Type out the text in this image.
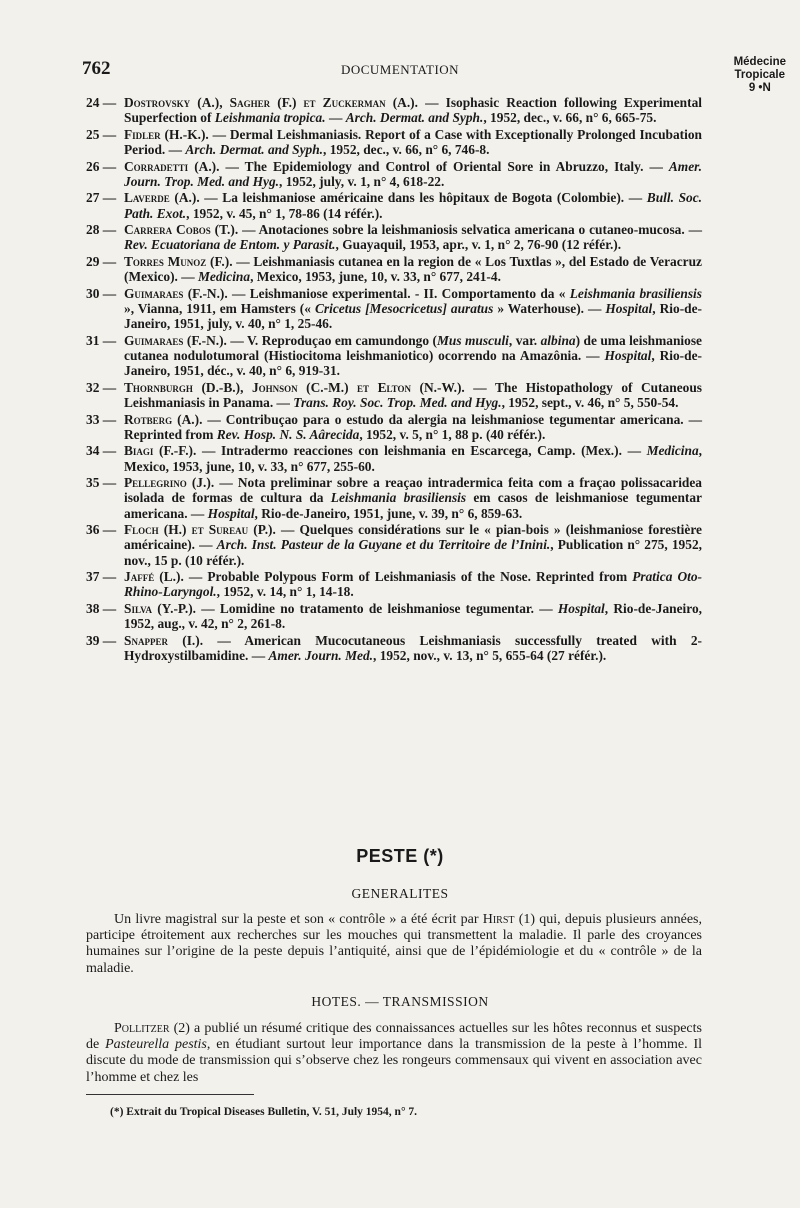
762	DOCUMENTATION	Médecine
Tropicale
9 •N
24 — Dostrovsky (A.), Sagher (F.) et Zuckerman (A.). — Isophasic Reaction following Experimental Superfection of Leishmania tropica. — Arch. Dermat. and Syph., 1952, dec., v. 66, n° 6, 665-75.
25 — Fidler (H.-K.). — Dermal Leishmaniasis. Report of a Case with Exceptionally Prolonged Incubation Period. — Arch. Dermat. and Syph., 1952, dec., v. 66, n° 6, 746-8.
26 — Corradetti (A.). — The Epidemiology and Control of Oriental Sore in Abruzzo, Italy. — Amer. Journ. Trop. Med. and Hyg., 1952, july, v. 1, n° 4, 618-22.
27 — Laverde (A.). — La leishmaniose américaine dans les hôpitaux de Bogota (Colombie). — Bull. Soc. Path. Exot., 1952, v. 45, n° 1, 78-86 (14 référ.).
28 — Carrera Cobos (T.). — Anotaciones sobre la leishmaniosis selvatica americana o cutaneo-mucosa. — Rev. Ecuatoriana de Entom. y Parasit., Guayaquil, 1953, apr., v. 1, n° 2, 76-90 (12 référ.).
29 — Torres Munoz (F.). — Leishmaniasis cutanea en la region de « Los Tuxtlas », del Estado de Veracruz (Mexico). — Medicina, Mexico, 1953, june, 10, v. 33, n° 677, 241-4.
30 — Guimaraes (F.-N.). — Leishmaniose experimental. - II. Comportamento da « Leishmania brasiliensis », Vianna, 1911, em Hamsters (« Cricetus [Mesocricetus] auratus » Waterhouse). — Hospital, Rio-de-Janeiro, 1951, july, v. 40, n° 1, 25-46.
31 — Guimaraes (F.-N.). — V. Reproduçao em camundongo (Mus musculi, var. albina) de uma leishmaniose cutanea nodulotumoral (Histiocitoma leishmaniotico) ocorrendo na Amazônia. — Hospital, Rio-de-Janeiro, 1951, déc., v. 40, n° 6, 919-31.
32 — Thornburgh (D.-B.), Johnson (C.-M.) et Elton (N.-W.). — The Histopathology of Cutaneous Leishmaniasis in Panama. — Trans. Roy. Soc. Trop. Med. and Hyg., 1952, sept., v. 46, n° 5, 550-54.
33 — Rotberg (A.). — Contribuçao para o estudo da alergia na leishmaniose tegumentar americana. — Reprinted from Rev. Hosp. N. S. Aârecida, 1952, v. 5, n° 1, 88 p. (40 référ.).
34 — Biagi (F.-F.). — Intradermo reacciones con leishmania en Escarcega, Camp. (Mex.). — Medicina, Mexico, 1953, june, 10, v. 33, n° 677, 255-60.
35 — Pellegrino (J.). — Nota preliminar sobre a reaçao intradermica feita com a fraçao polissacaridea isolada de formas de cultura da Leishmania brasiliensis em casos de leishmaniose tegumentar americana. — Hospital, Rio-de-Janeiro, 1951, june, v. 39, n° 6, 859-63.
36 — Floch (H.) et Sureau (P.). — Quelques considérations sur le « pian-bois » (leishmaniose forestière américaine). — Arch. Inst. Pasteur de la Guyane et du Territoire de l’Inini., Publication n° 275, 1952, nov., 15 p. (10 référ.).
37 — Jaffé (L.). — Probable Polypous Form of Leishmaniasis of the Nose. Reprinted from Pratica Oto-Rhino-Laryngol., 1952, v. 14, n° 1, 14-18.
38 — Silva (Y.-P.). — Lomidine no tratamento de leishmaniose tegumentar. — Hospital, Rio-de-Janeiro, 1952, aug., v. 42, n° 2, 261-8.
39 — Snapper (I.). — American Mucocutaneous Leishmaniasis successfully treated with 2-Hydroxystilbamidine. — Amer. Journ. Med., 1952, nov., v. 13, n° 5, 655-64 (27 référ.).
PESTE (*)
GENERALITES

Un livre magistral sur la peste et son « contrôle » a été écrit par Hirst (1) qui, depuis plusieurs années, participe étroitement aux recherches sur les mouches qui transmettent la maladie. Il parle des croyances humaines sur l’origine de la peste depuis l’antiquité, ainsi que de l’épidémiologie et du « contrôle » de la maladie.

HOTES. — TRANSMISSION

Pollitzer (2) a publié un résumé critique des connaissances actuelles sur les hôtes reconnus et suspects de Pasteurella pestis, en étudiant surtout leur importance dans la transmission de la peste à l’homme. Il discute du mode de transmission qui s’observe chez les rongeurs commensaux qui vivent en association avec l’homme et chez les

(*) Extrait du Tropical Diseases Bulletin, V. 51, July 1954, n° 7.
